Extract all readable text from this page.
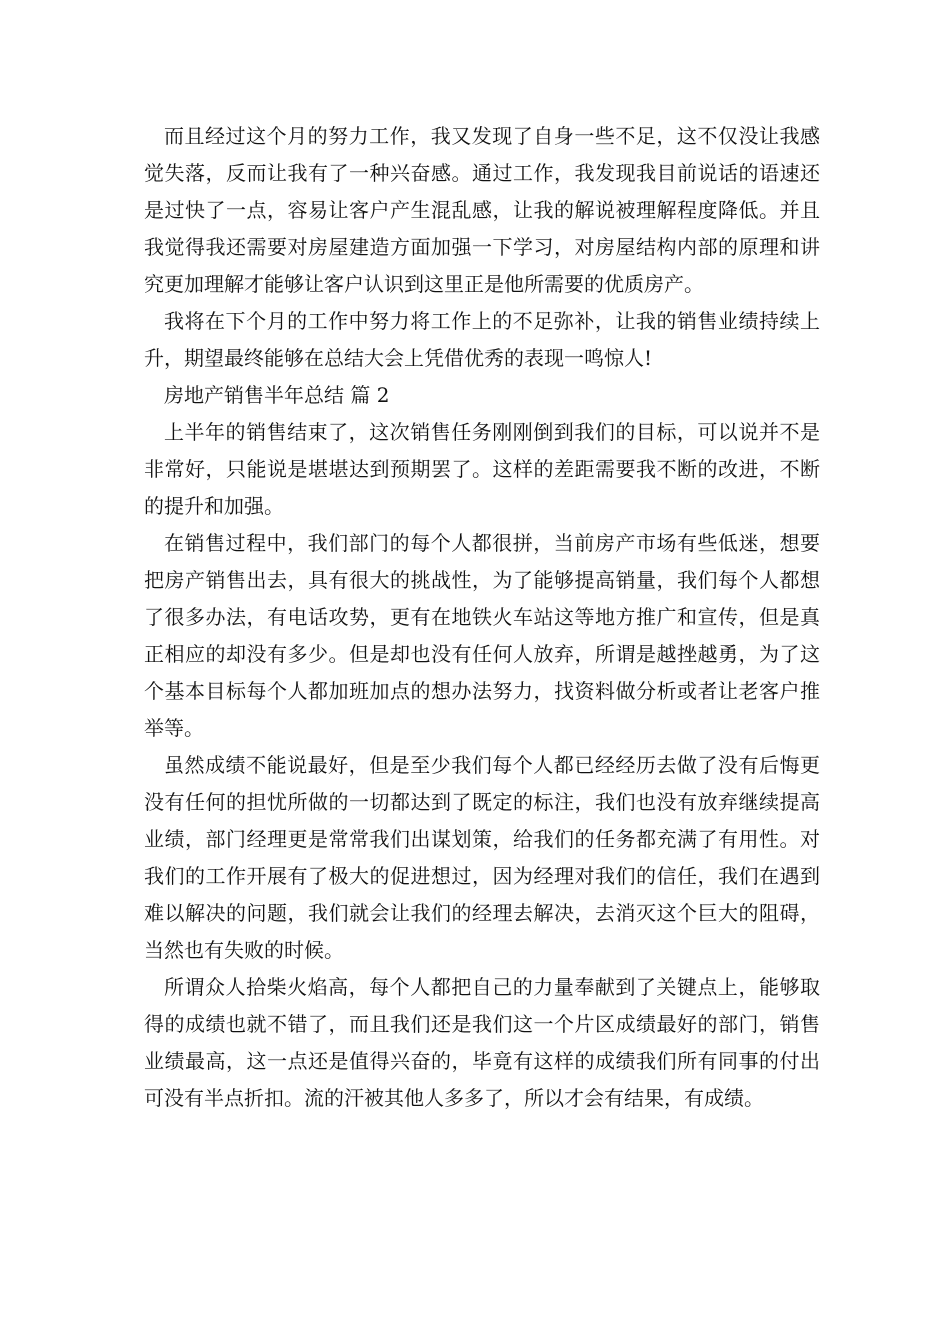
而且经过这个月的努力工作，我又发现了自身一些不足，这不仅没让我感觉失落，反而让我有了一种兴奋感。通过工作，我发现我目前说话的语速还是过快了一点，容易让客户产生混乱感，让我的解说被理解程度降低。并且我觉得我还需要对房屋建造方面加强一下学习，对房屋结构内部的原理和讲究更加理解才能够让客户认识到这里正是他所需要的优质房产。

我将在下个月的工作中努力将工作上的不足弥补，让我的销售业绩持续上升，期望最终能够在总结大会上凭借优秀的表现一鸣惊人!

房地产销售半年总结 篇 2

上半年的销售结束了，这次销售任务刚刚倒到我们的目标，可以说并不是非常好，只能说是堪堪达到预期罢了。这样的差距需要我不断的改进，不断的提升和加强。

在销售过程中，我们部门的每个人都很拼，当前房产市场有些低迷，想要把房产销售出去，具有很大的挑战性，为了能够提高销量，我们每个人都想了很多办法，有电话攻势，更有在地铁火车站这等地方推广和宣传，但是真正相应的却没有多少。但是却也没有任何人放弃，所谓是越挫越勇，为了这个基本目标每个人都加班加点的想办法努力，找资料做分析或者让老客户推举等。

虽然成绩不能说最好，但是至少我们每个人都已经经历去做了没有后悔更没有任何的担忧所做的一切都达到了既定的标注，我们也没有放弃继续提高业绩，部门经理更是常常我们出谋划策，给我们的任务都充满了有用性。对我们的工作开展有了极大的促进想过，因为经理对我们的信任，我们在遇到难以解决的问题，我们就会让我们的经理去解决，去消灭这个巨大的阻碍，当然也有失败的时候。

所谓众人拾柴火焰高，每个人都把自己的力量奉献到了关键点上，能够取得的成绩也就不错了，而且我们还是我们这一个片区成绩最好的部门，销售业绩最高，这一点还是值得兴奋的，毕竟有这样的成绩我们所有同事的付出可没有半点折扣。流的汗被其他人多多了，所以才会有结果，有成绩。
